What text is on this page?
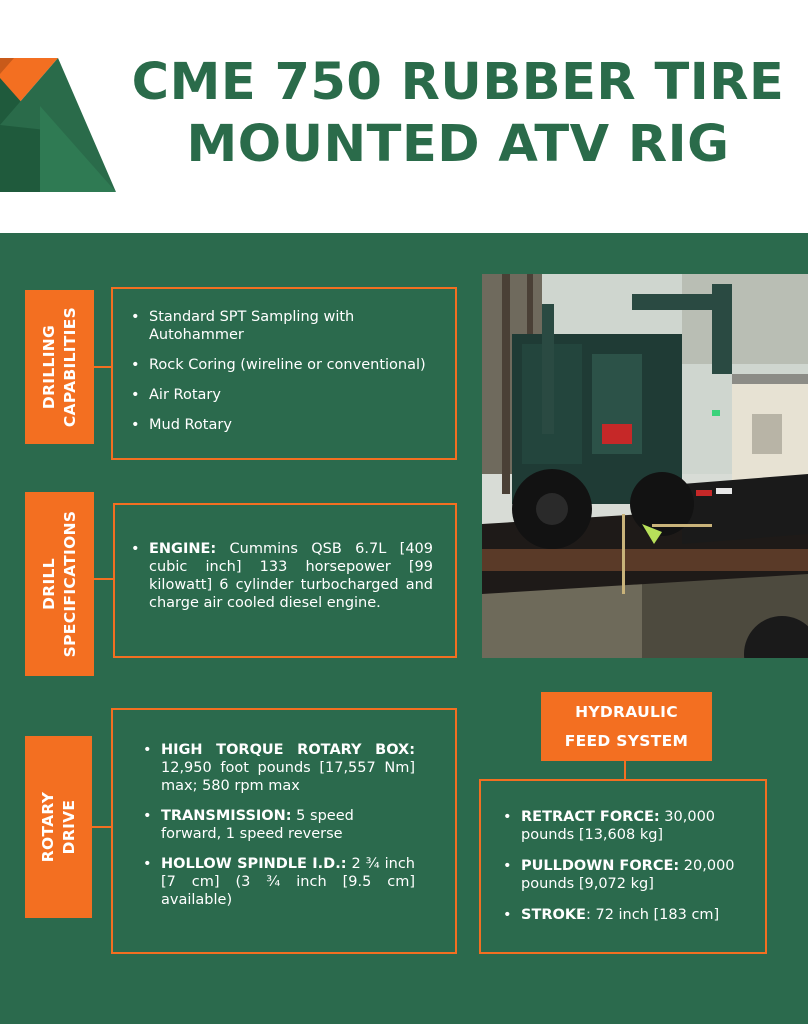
CME 750 RUBBER TIRE
MOUNTED ATV RIG
DRILLING CAPABILITIES	• Standard SPT Sampling with Autohammer
• Rock Coring (wireline or conventional)
• Air Rotary
• Mud Rotary
DRILL SPECIFICATIONS	• ENGINE: Cummins QSB 6.7L [409 cubic inch] 133 horsepower [99 kilowatt] 6 cylinder turbocharged and charge air cooled diesel engine.
ROTARY DRIVE
• HIGH TORQUE ROTARY BOX: 12,950 foot pounds [17,557 Nm] max; 580 rpm max
• TRANSMISSION: 5 speed forward, 1 speed reverse
• HOLLOW SPINDLE I.D.: 2 ¾ inch [7 cm] (3 ¾ inch [9.5 cm] available)
HYDRAULIC
FEED SYSTEM
• RETRACT FORCE: 30,000 pounds [13,608 kg]
• PULLDOWN FORCE: 20,000 pounds [9,072 kg]
• STROKE: 72 inch [183 cm]
